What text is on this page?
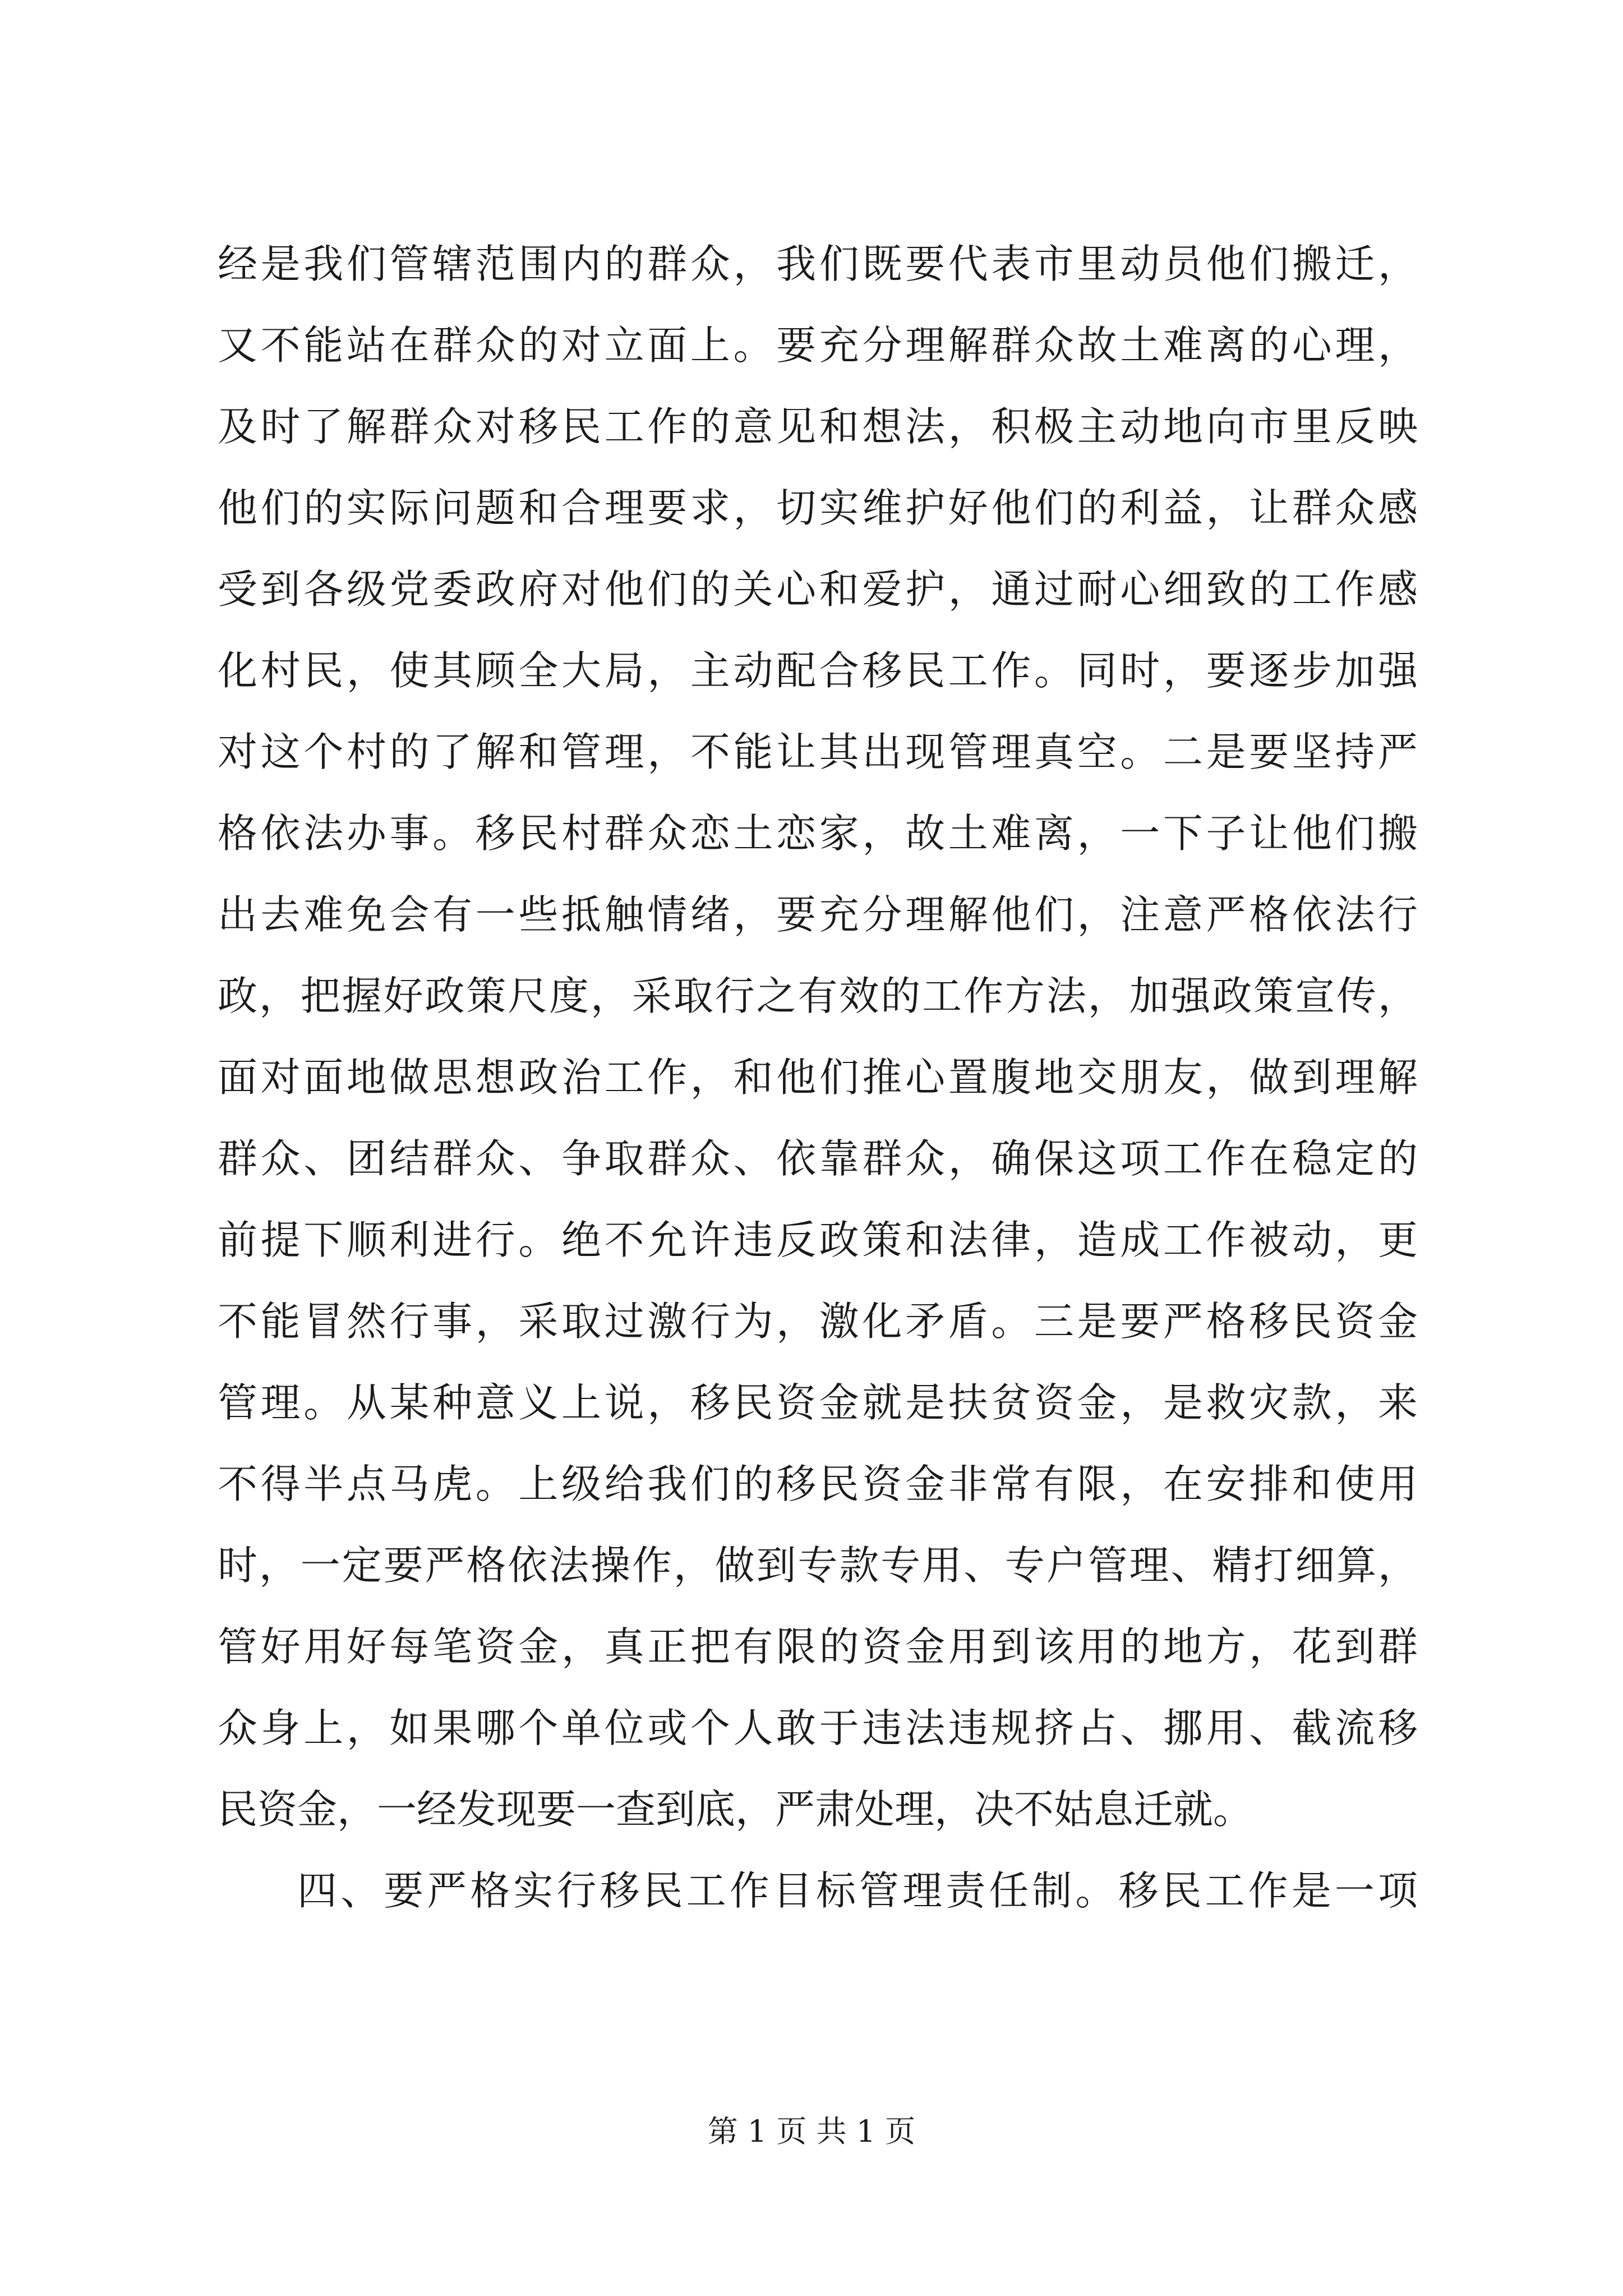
经是我们管辖范围内的群众，我们既要代表市里动员他们搬迁，
又不能站在群众的对立面上。要充分理解群众故土难离的心理，
及时了解群众对移民工作的意见和想法，积极主动地向市里反映
他们的实际问题和合理要求，切实维护好他们的利益，让群众感
受到各级党委政府对他们的关心和爱护，通过耐心细致的工作感
化村民，使其顾全大局，主动配合移民工作。同时，要逐步加强
对这个村的了解和管理，不能让其出现管理真空。二是要坚持严
格依法办事。移民村群众恋土恋家，故土难离，一下子让他们搬
出去难免会有一些抵触情绪，要充分理解他们，注意严格依法行
政，把握好政策尺度，采取行之有效的工作方法，加强政策宣传，
面对面地做思想政治工作，和他们推心置腹地交朋友，做到理解
群众、团结群众、争取群众、依靠群众，确保这项工作在稳定的
前提下顺利进行。绝不允许违反政策和法律，造成工作被动，更
不能冒然行事，采取过激行为，激化矛盾。三是要严格移民资金
管理。从某种意义上说，移民资金就是扶贫资金，是救灾款，来
不得半点马虎。上级给我们的移民资金非常有限，在安排和使用
时，一定要严格依法操作，做到专款专用、专户管理、精打细算，
管好用好每笔资金，真正把有限的资金用到该用的地方，花到群
众身上，如果哪个单位或个人敢于违法违规挤占、挪用、截流移
民资金，一经发现要一查到底，严肃处理，决不姑息迁就。
四、要严格实行移民工作目标管理责任制。移民工作是一项
第 1 页 共 1 页
